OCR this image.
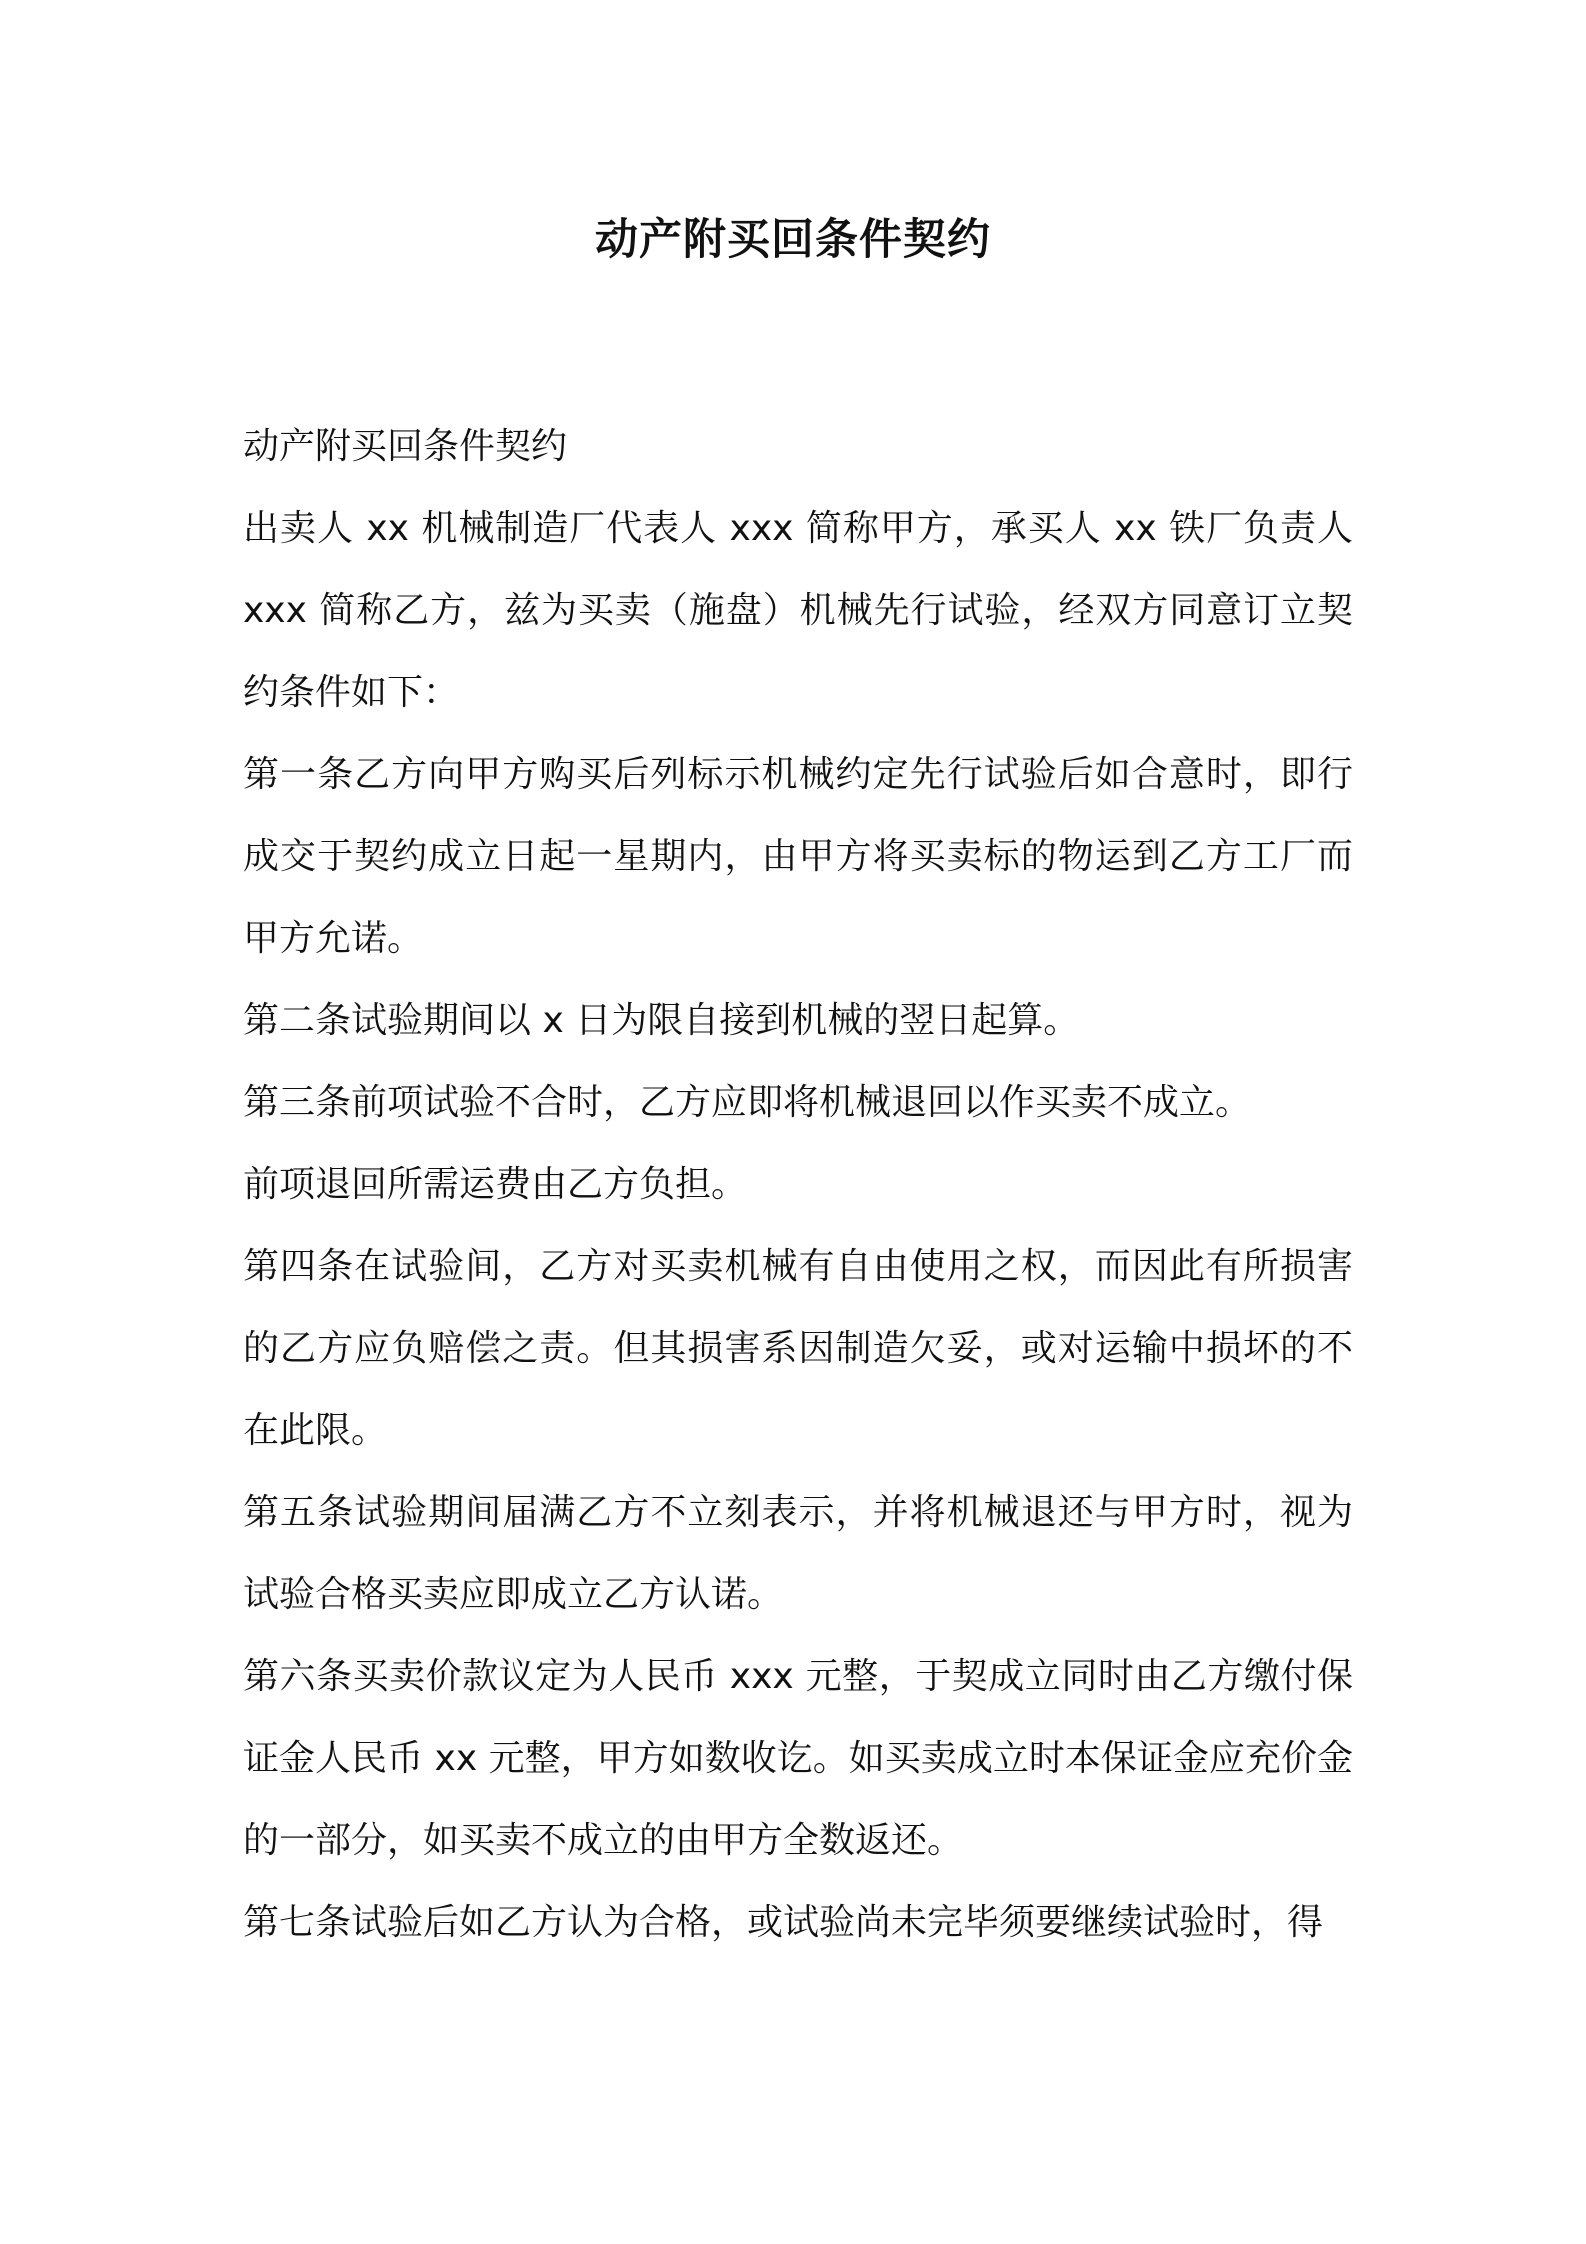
动产附买回条件契约

动产附买回条件契约

出卖人 xx 机械制造厂代表人 xxx 简称甲方，承买人 xx 铁厂负责人 xxx 简称乙方，兹为买卖（施盘）机械先行试验，经双方同意订立契约条件如下：

第一条乙方向甲方购买后列标示机械约定先行试验后如合意时，即行成交于契约成立日起一星期内，由甲方将买卖标的物运到乙方工厂而甲方允诺。

第二条试验期间以 x 日为限自接到机械的翌日起算。

第三条前项试验不合时，乙方应即将机械退回以作买卖不成立。

前项退回所需运费由乙方负担。

第四条在试验间，乙方对买卖机械有自由使用之权，而因此有所损害的乙方应负赔偿之责。但其损害系因制造欠妥，或对运输中损坏的不在此限。

第五条试验期间届满乙方不立刻表示，并将机械退还与甲方时，视为试验合格买卖应即成立乙方认诺。

第六条买卖价款议定为人民币 xxx 元整，于契成立同时由乙方缴付保证金人民币 xx 元整，甲方如数收讫。如买卖成立时本保证金应充价金的一部分，如买卖不成立的由甲方全数返还。

第七条试验后如乙方认为合格，或试验尚未完毕须要继续试验时，得
